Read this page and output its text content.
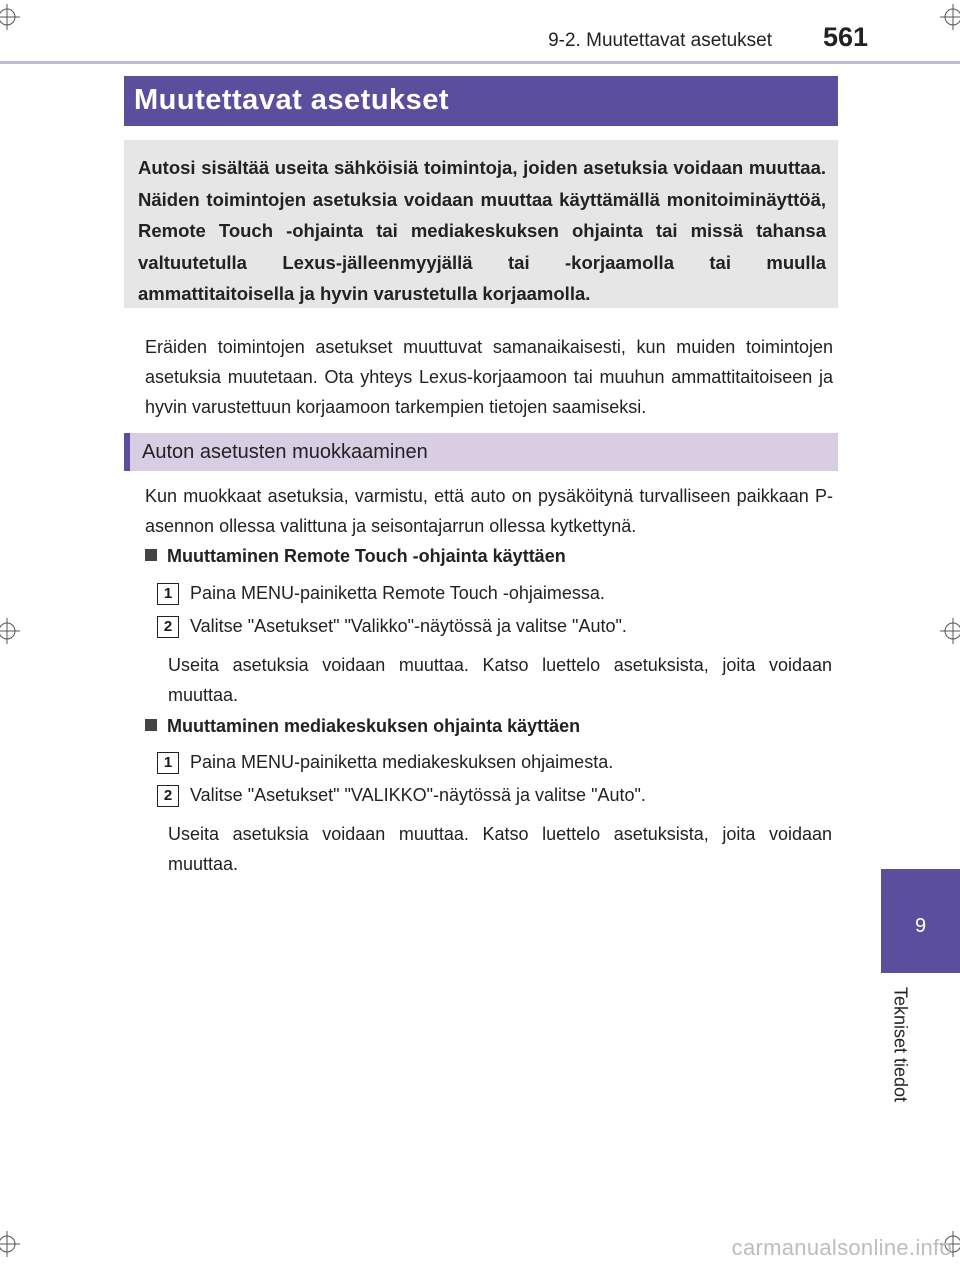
9-2. Muutettavat asetukset 561
Muutettavat asetukset

Autosi sisältää useita sähköisiä toimintoja, joiden asetuksia voidaan muuttaa. Näiden toimintojen asetuksia voidaan muuttaa käyttämällä monitoiminäyttöä, Remote Touch -ohjainta tai mediakeskuksen ohjainta tai missä tahansa valtuutetulla Lexus-jälleenmyyjällä tai -korjaamolla tai muulla ammattitaitoisella ja hyvin varustetulla korjaamolla.

Eräiden toimintojen asetukset muuttuvat samanaikaisesti, kun muiden toimintojen asetuksia muutetaan. Ota yhteys Lexus-korjaamoon tai muuhun ammattitaitoiseen ja hyvin varustettuun korjaamoon tarkempien tietojen saamiseksi.

Auton asetusten muokkaaminen

Kun muokkaat asetuksia, varmistu, että auto on pysäköitynä turvalliseen paikkaan P-asennon ollessa valittuna ja seisontajarrun ollessa kytkettynä.

Muuttaminen Remote Touch -ohjainta käyttäen
1 Paina MENU-painiketta Remote Touch -ohjaimessa.
2 Valitse "Asetukset" "Valikko"-näytössä ja valitse "Auto".

Useita asetuksia voidaan muuttaa. Katso luettelo asetuksista, joita voidaan muuttaa.

Muuttaminen mediakeskuksen ohjainta käyttäen
1 Paina MENU-painiketta mediakeskuksen ohjaimesta.
2 Valitse "Asetukset" "VALIKKO"-näytössä ja valitse "Auto".

Useita asetuksia voidaan muuttaa. Katso luettelo asetuksista, joita voidaan muuttaa.

9
Tekniset tiedot
carmanualsonline.info
